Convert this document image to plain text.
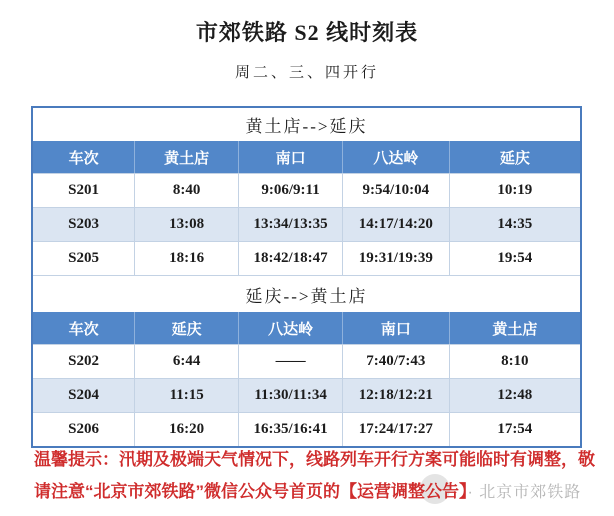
市郊铁路 S2 线时刻表
周二、三、四开行
黄土店-->延庆
车次	黄土店	南口	八达岭	延庆
S201	8:40	9:06/9:11	9:54/10:04	10:19
S203	13:08	13:34/13:35	14:17/14:20	14:35
S205	18:16	18:42/18:47	19:31/19:39	19:54
延庆-->黄土店
车次	延庆	八达岭	南口	黄土店
S202	6:44	——	7:40/7:43	8:10
S204	11:15	11:30/11:34	12:18/12:21	12:48
S206	16:20	16:35/16:41	17:24/17:27	17:54
温馨提示：汛期及极端天气情况下，线路列车开行方案可能临时有调整，敬
请注意“北京市郊铁路”微信公众号首页的【运营调整公告】· 北京市郊铁路
